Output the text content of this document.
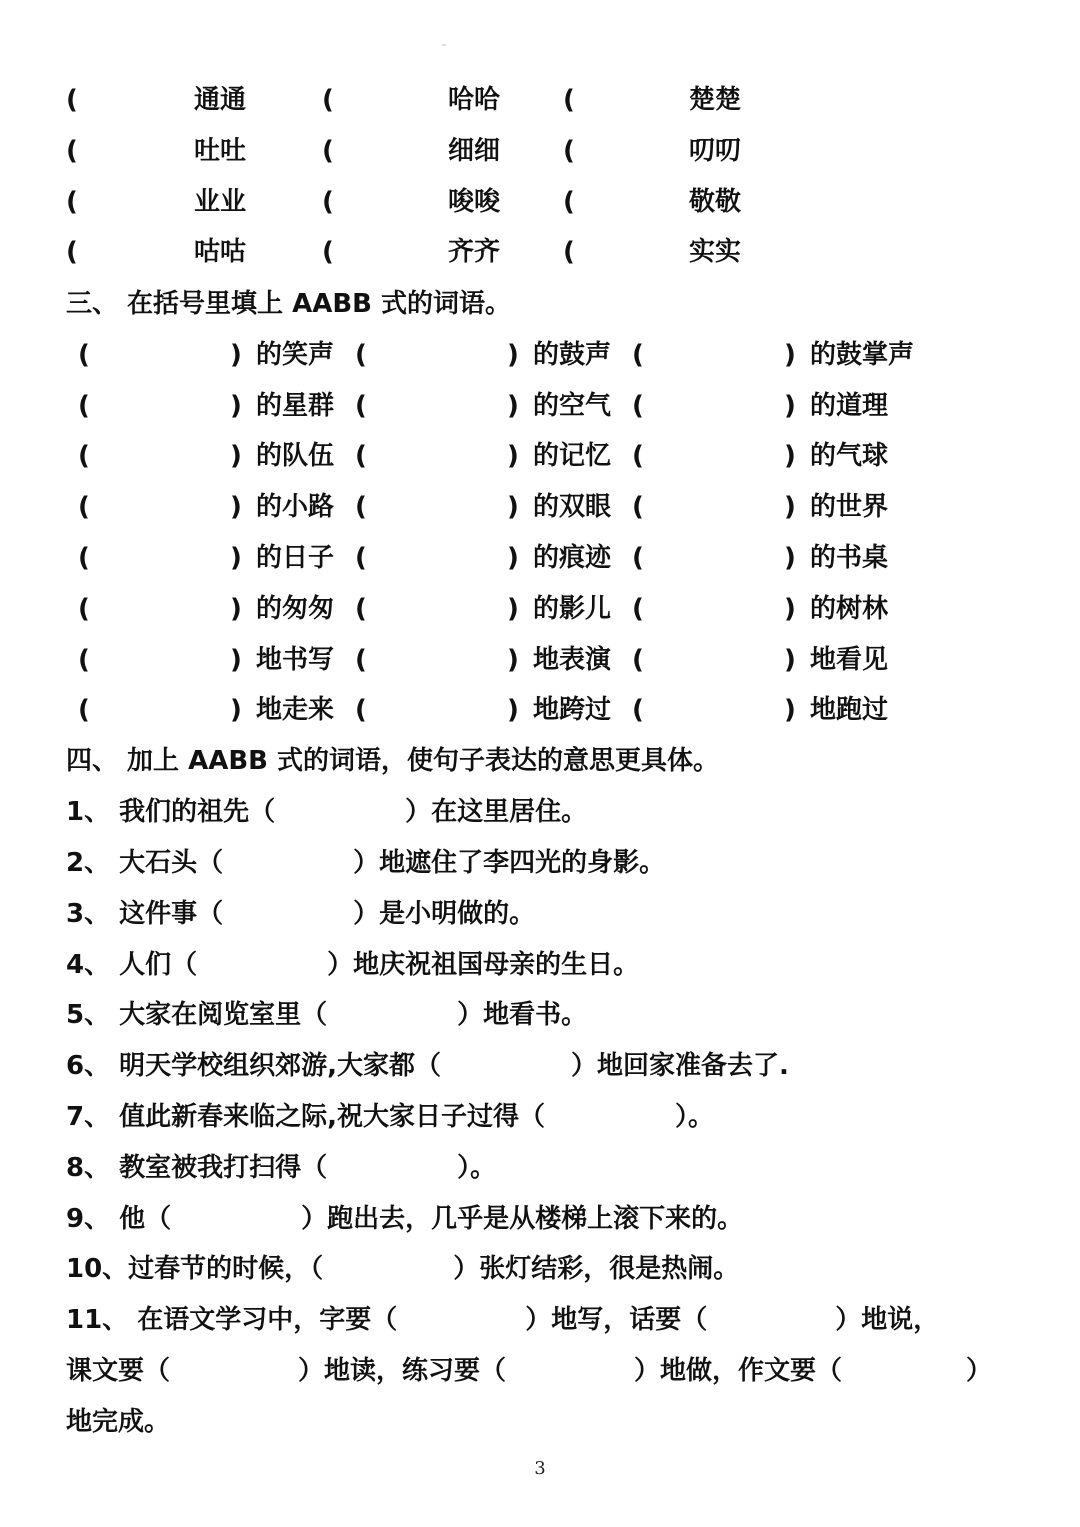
(	通通	(	哈哈 (	楚楚
(	吐吐	(	细细 (	叨叨
(	业业	(	唆唆 (	敬敬
(	咕咕	(	齐齐 (	实实
三、 在括号里填上 AABB 式的词语。
(	) 的笑声 (	) 的鼓声 (	) 的鼓掌声
(	) 的星群 (	) 的空气 (	) 的道理
(	) 的队伍 (	) 的记忆 (	) 的气球
(	) 的小路 (	) 的双眼 (	) 的世界
(	) 的日子 (	) 的痕迹 (	) 的书桌
(	) 的匆匆 (	) 的影儿 (	) 的树林
(	) 地书写 (	) 地表演 (	) 地看见
(	) 地走来 (	) 地跨过 (	) 地跑过
四、 加上 AABB 式的词语，使句子表达的意思更具体。
1、 我们的祖先（	）在这里居住。
2、 大石头（	）地遮住了李四光的身影。
3、 这件事（	）是小明做的。
4、 人们（	）地庆祝祖国母亲的生日。
5、 大家在阅览室里（	）地看书。
6、 明天学校组织郊游,大家都（	）地回家准备去了.
7、 值此新春来临之际,祝大家日子过得（	）。
8、 教室被我打扫得（	）。
9、 他（	）跑出去，几乎是从楼梯上滚下来的。
10、过春节的时候，（	）张灯结彩，很是热闹。
11、 在语文学习中，字要（	）地写，话要（	）地说，
课文要（	）地读，练习要（	）地做，作文要（	）
地完成。
3
